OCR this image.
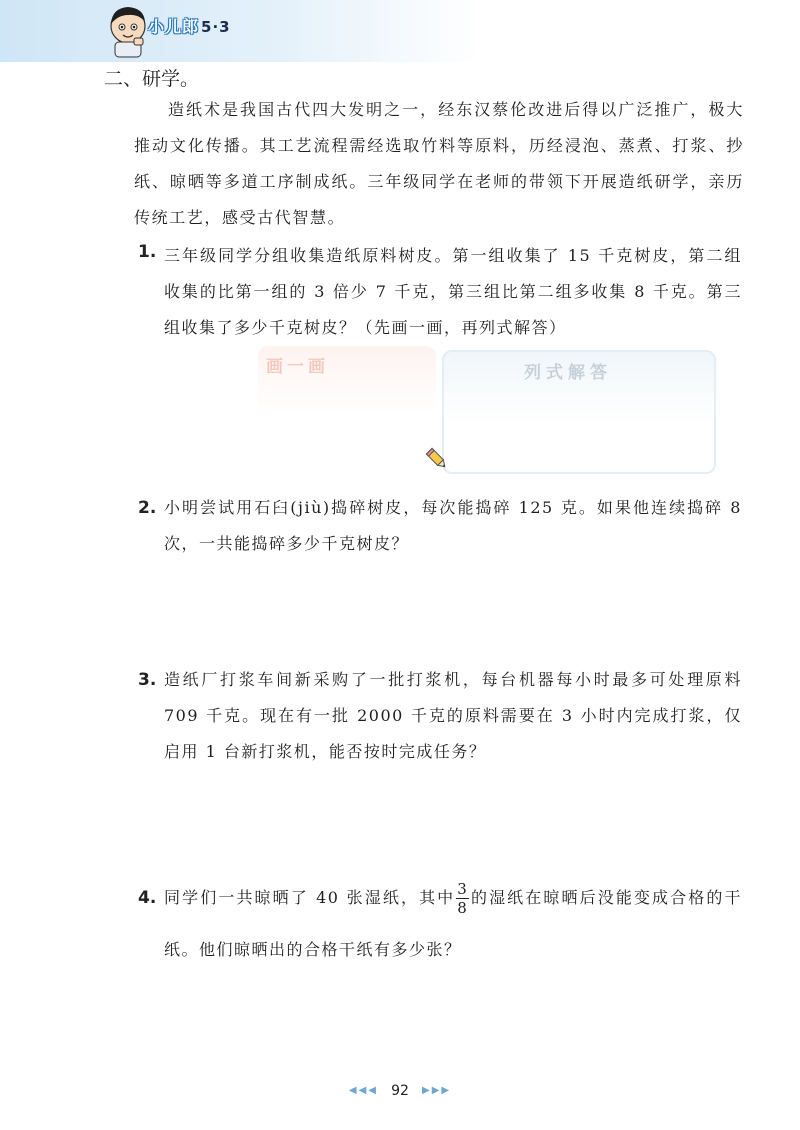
小儿郎 5·3
二、研学。

造纸术是我国古代四大发明之一，经东汉蔡伦改进后得以广泛推广，极大推动文化传播。其工艺流程需经选取竹料等原料，历经浸泡、蒸煮、打浆、抄纸、晾晒等多道工序制成纸。三年级同学在老师的带领下开展造纸研学，亲历传统工艺，感受古代智慧。

1. 三年级同学分组收集造纸原料树皮。第一组收集了 15 千克树皮，第二组收集的比第一组的 3 倍少 7 千克，第三组比第二组多收集 8 千克。第三组收集了多少千克树皮？（先画一画，再列式解答）

画一画	列式解答
2. 小明尝试用石臼(jiù)捣碎树皮，每次能捣碎 125 克。如果他连续捣碎 8 次，一共能捣碎多少千克树皮？

3. 造纸厂打浆车间新采购了一批打浆机，每台机器每小时最多可处理原料 709 千克。现在有一批 2000 千克的原料需要在 3 小时内完成打浆，仅启用 1 台新打浆机，能否按时完成任务？

4. 同学们一共晾晒了 40 张湿纸，其中 $\frac{3}{8}$ 的湿纸在晾晒后没能变成合格的干纸。他们晾晒出的合格干纸有多少张？

◀◀◀ 92 ▶▶▶
